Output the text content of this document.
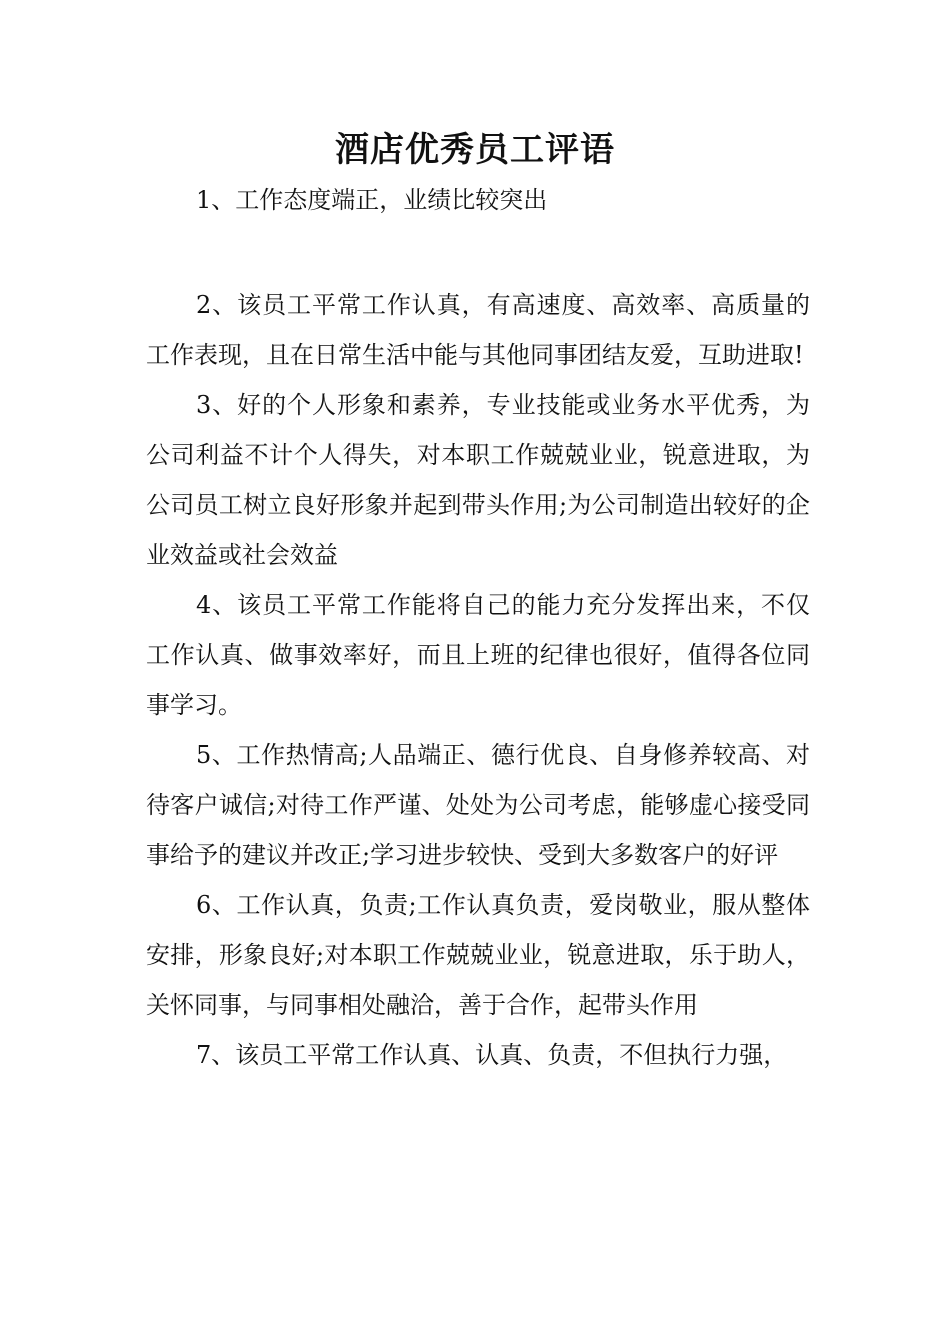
酒店优秀员工评语

1、工作态度端正，业绩比较突出

2、该员工平常工作认真，有高速度、高效率、高质量的工作表现，且在日常生活中能与其他同事团结友爱，互助进取!

3、好的个人形象和素养，专业技能或业务水平优秀，为公司利益不计个人得失，对本职工作兢兢业业，锐意进取，为公司员工树立良好形象并起到带头作用;为公司制造出较好的企业效益或社会效益

4、该员工平常工作能将自己的能力充分发挥出来，不仅工作认真、做事效率好，而且上班的纪律也很好，值得各位同事学习。

5、工作热情高;人品端正、德行优良、自身修养较高、对待客户诚信;对待工作严谨、处处为公司考虑，能够虚心接受同事给予的建议并改正;学习进步较快、受到大多数客户的好评

6、工作认真，负责;工作认真负责，爱岗敬业，服从整体安排，形象良好;对本职工作兢兢业业，锐意进取，乐于助人，关怀同事，与同事相处融洽，善于合作，起带头作用

7、该员工平常工作认真、认真、负责，不但执行力强，
